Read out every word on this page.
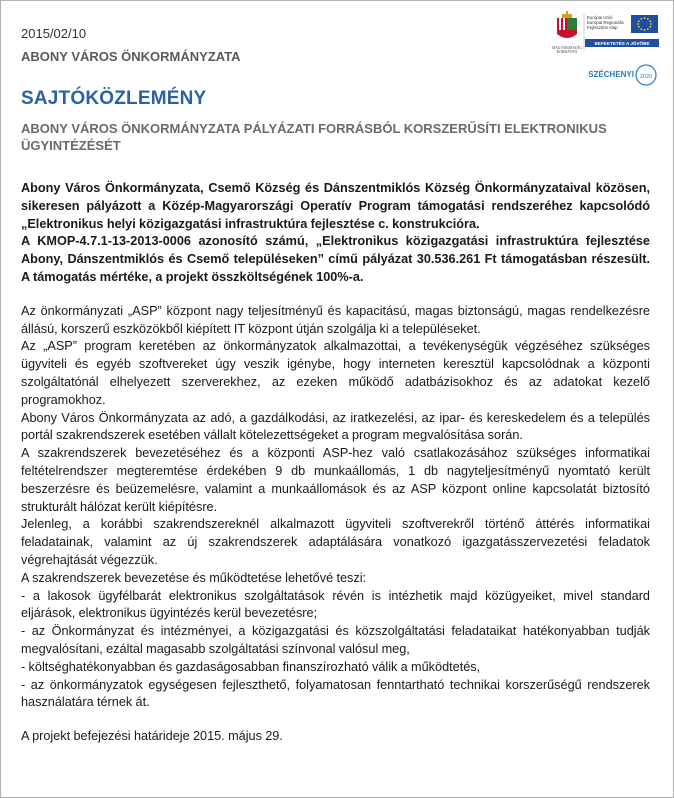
2015/02/10
ABONY VÁROS ÖNKORMÁNYZATA
MAGYARORSZÁG
KORMÁNYA
Európai Unió
Európai Regionális
Fejlesztési Alap
BEFEKTETÉS A JÖVŐBE
SZÉCHENYI 2020
SAJTÓKÖZLEMÉNY
ABONY VÁROS ÖNKORMÁNYZATA PÁLYÁZATI FORRÁSBÓL KORSZERŰSÍTI ELEKTRONIKUS ÜGYINTÉZÉSÉT

Abony Város Önkormányzata, Csemő Község és Dánszentmiklós Község Önkormányzataival közösen, sikeresen pályázott a Közép-Magyarországi Operatív Program támogatási rendszeréhez kapcsolódó „Elektronikus helyi közigazgatási infrastruktúra fejlesztése c. konstrukcióra.

A KMOP-4.7.1-13-2013-0006 azonosító számú, „Elektronikus közigazgatási infrastruktúra fejlesztése Abony, Dánszentmiklós és Csemő településeken” című pályázat 30.536.261 Ft támogatásban részesült. A támogatás mértéke, a projekt összköltségének 100%-a.

Az önkormányzati „ASP” központ nagy teljesítményű és kapacitású, magas biztonságú, magas rendelkezésre állású, korszerű eszközökből kiépített IT központ útján szolgálja ki a településeket.

Az „ASP” program keretében az önkormányzatok alkalmazottai, a tevékenységük végzéséhez szükséges ügyviteli és egyéb szoftvereket úgy veszik igénybe, hogy interneten keresztül kapcsolódnak a központi szolgáltatónál elhelyezett szerverekhez, az ezeken működő adatbázisokhoz és az adatokat kezelő programokhoz.

Abony Város Önkormányzata az adó, a gazdálkodási, az iratkezelési, az ipar- és kereskedelem és a település portál szakrendszerek esetében vállalt kötelezettségeket a program megvalósítása során.

A szakrendszerek bevezetéséhez és a központi ASP-hez való csatlakozásához szükséges informatikai feltételrendszer megteremtése érdekében 9 db munkaállomás, 1 db nagyteljesítményű nyomtató került beszerzésre és beüzemelésre, valamint a munkaállomások és az ASP központ online kapcsolatát biztosító strukturált hálózat került kiépítésre.

Jelenleg, a korábbi szakrendszereknél alkalmazott ügyviteli szoftverekről történő áttérés informatikai feladatainak, valamint az új szakrendszerek adaptálására vonatkozó igazgatásszervezetési feladatok végrehajtását végezzük.

A szakrendszerek bevezetése és működtetése lehetővé teszi:

- a lakosok ügyfélbarát elektronikus szolgáltatások révén is intézhetik majd közügyeiket, mivel standard eljárások, elektronikus ügyintézés kerül bevezetésre;

- az Önkormányzat és intézményei, a közigazgatási és közszolgáltatási feladataikat hatékonyabban tudják megvalósítani, ezáltal magasabb szolgáltatási színvonal valósul meg,

- költséghatékonyabban és gazdaságosabban finanszírozható válik a működtetés,

- az önkormányzatok egységesen fejleszthető, folyamatosan fenntartható technikai korszerűségű rendszerek használatára térnek át.

A projekt befejezési határideje 2015. május 29.
